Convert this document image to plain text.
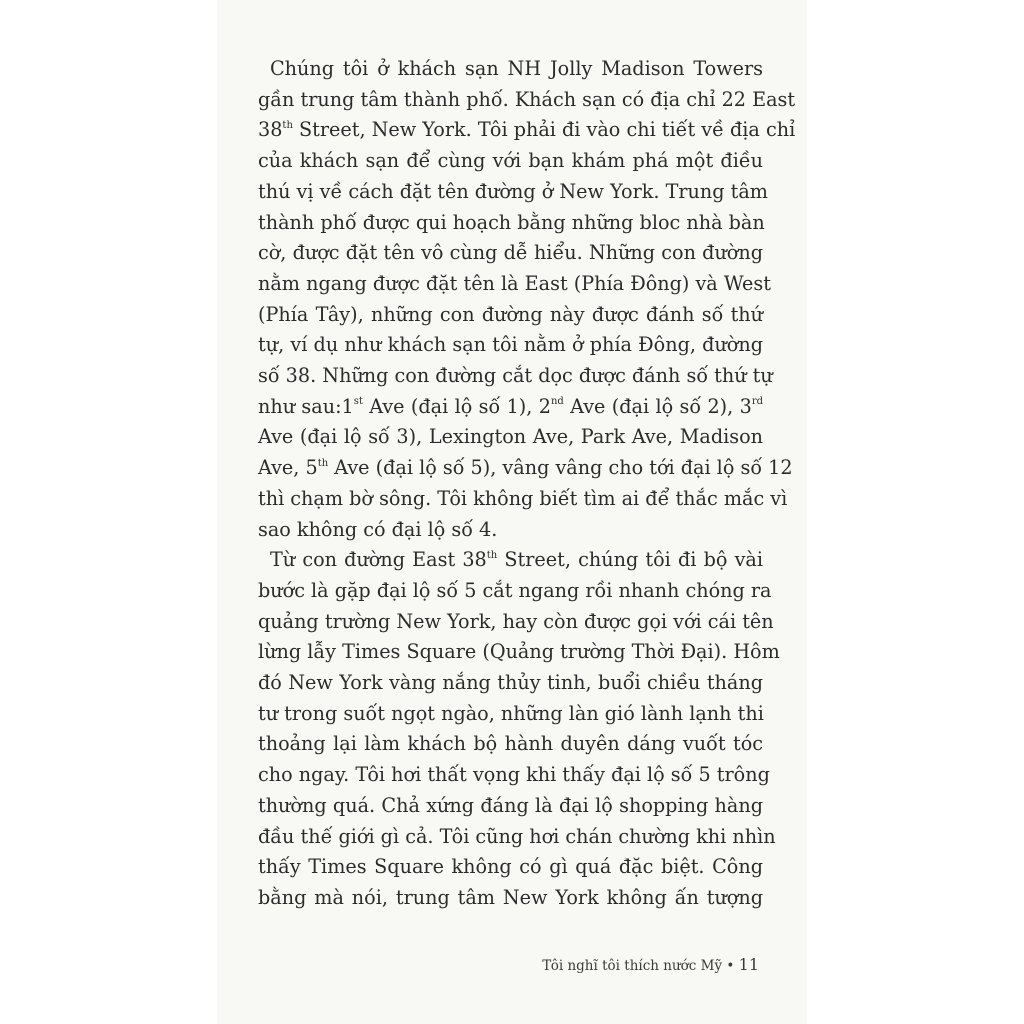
Chúng tôi ở khách sạn NH Jolly Madison Towers
gần trung tâm thành phố. Khách sạn có địa chỉ 22 East
38th Street, New York. Tôi phải đi vào chi tiết về địa chỉ
của khách sạn để cùng với bạn khám phá một điều
thú vị về cách đặt tên đường ở New York. Trung tâm
thành phố được qui hoạch bằng những bloc nhà bàn
cờ, được đặt tên vô cùng dễ hiểu. Những con đường
nằm ngang được đặt tên là East (Phía Đông) và West
(Phía Tây), những con đường này được đánh số thứ
tự, ví dụ như khách sạn tôi nằm ở phía Đông, đường
số 38. Những con đường cắt dọc được đánh số thứ tự
như sau:1st Ave (đại lộ số 1), 2nd Ave (đại lộ số 2), 3rd
Ave (đại lộ số 3), Lexington Ave, Park Ave, Madison
Ave, 5th Ave (đại lộ số 5), vâng vâng cho tới đại lộ số 12
thì chạm bờ sông. Tôi không biết tìm ai để thắc mắc vì
sao không có đại lộ số 4.
Từ con đường East 38th Street, chúng tôi đi bộ vài
bước là gặp đại lộ số 5 cắt ngang rồi nhanh chóng ra
quảng trường New York, hay còn được gọi với cái tên
lừng lẫy Times Square (Quảng trường Thời Đại). Hôm
đó New York vàng nắng thủy tinh, buổi chiều tháng
tư trong suốt ngọt ngào, những làn gió lành lạnh thi
thoảng lại làm khách bộ hành duyên dáng vuốt tóc
cho ngay. Tôi hơi thất vọng khi thấy đại lộ số 5 trông
thường quá. Chả xứng đáng là đại lộ shopping hàng
đầu thế giới gì cả. Tôi cũng hơi chán chường khi nhìn
thấy Times Square không có gì quá đặc biệt. Công
bằng mà nói, trung tâm New York không ấn tượng
Tôi nghĩ tôi thích nước Mỹ • 11
